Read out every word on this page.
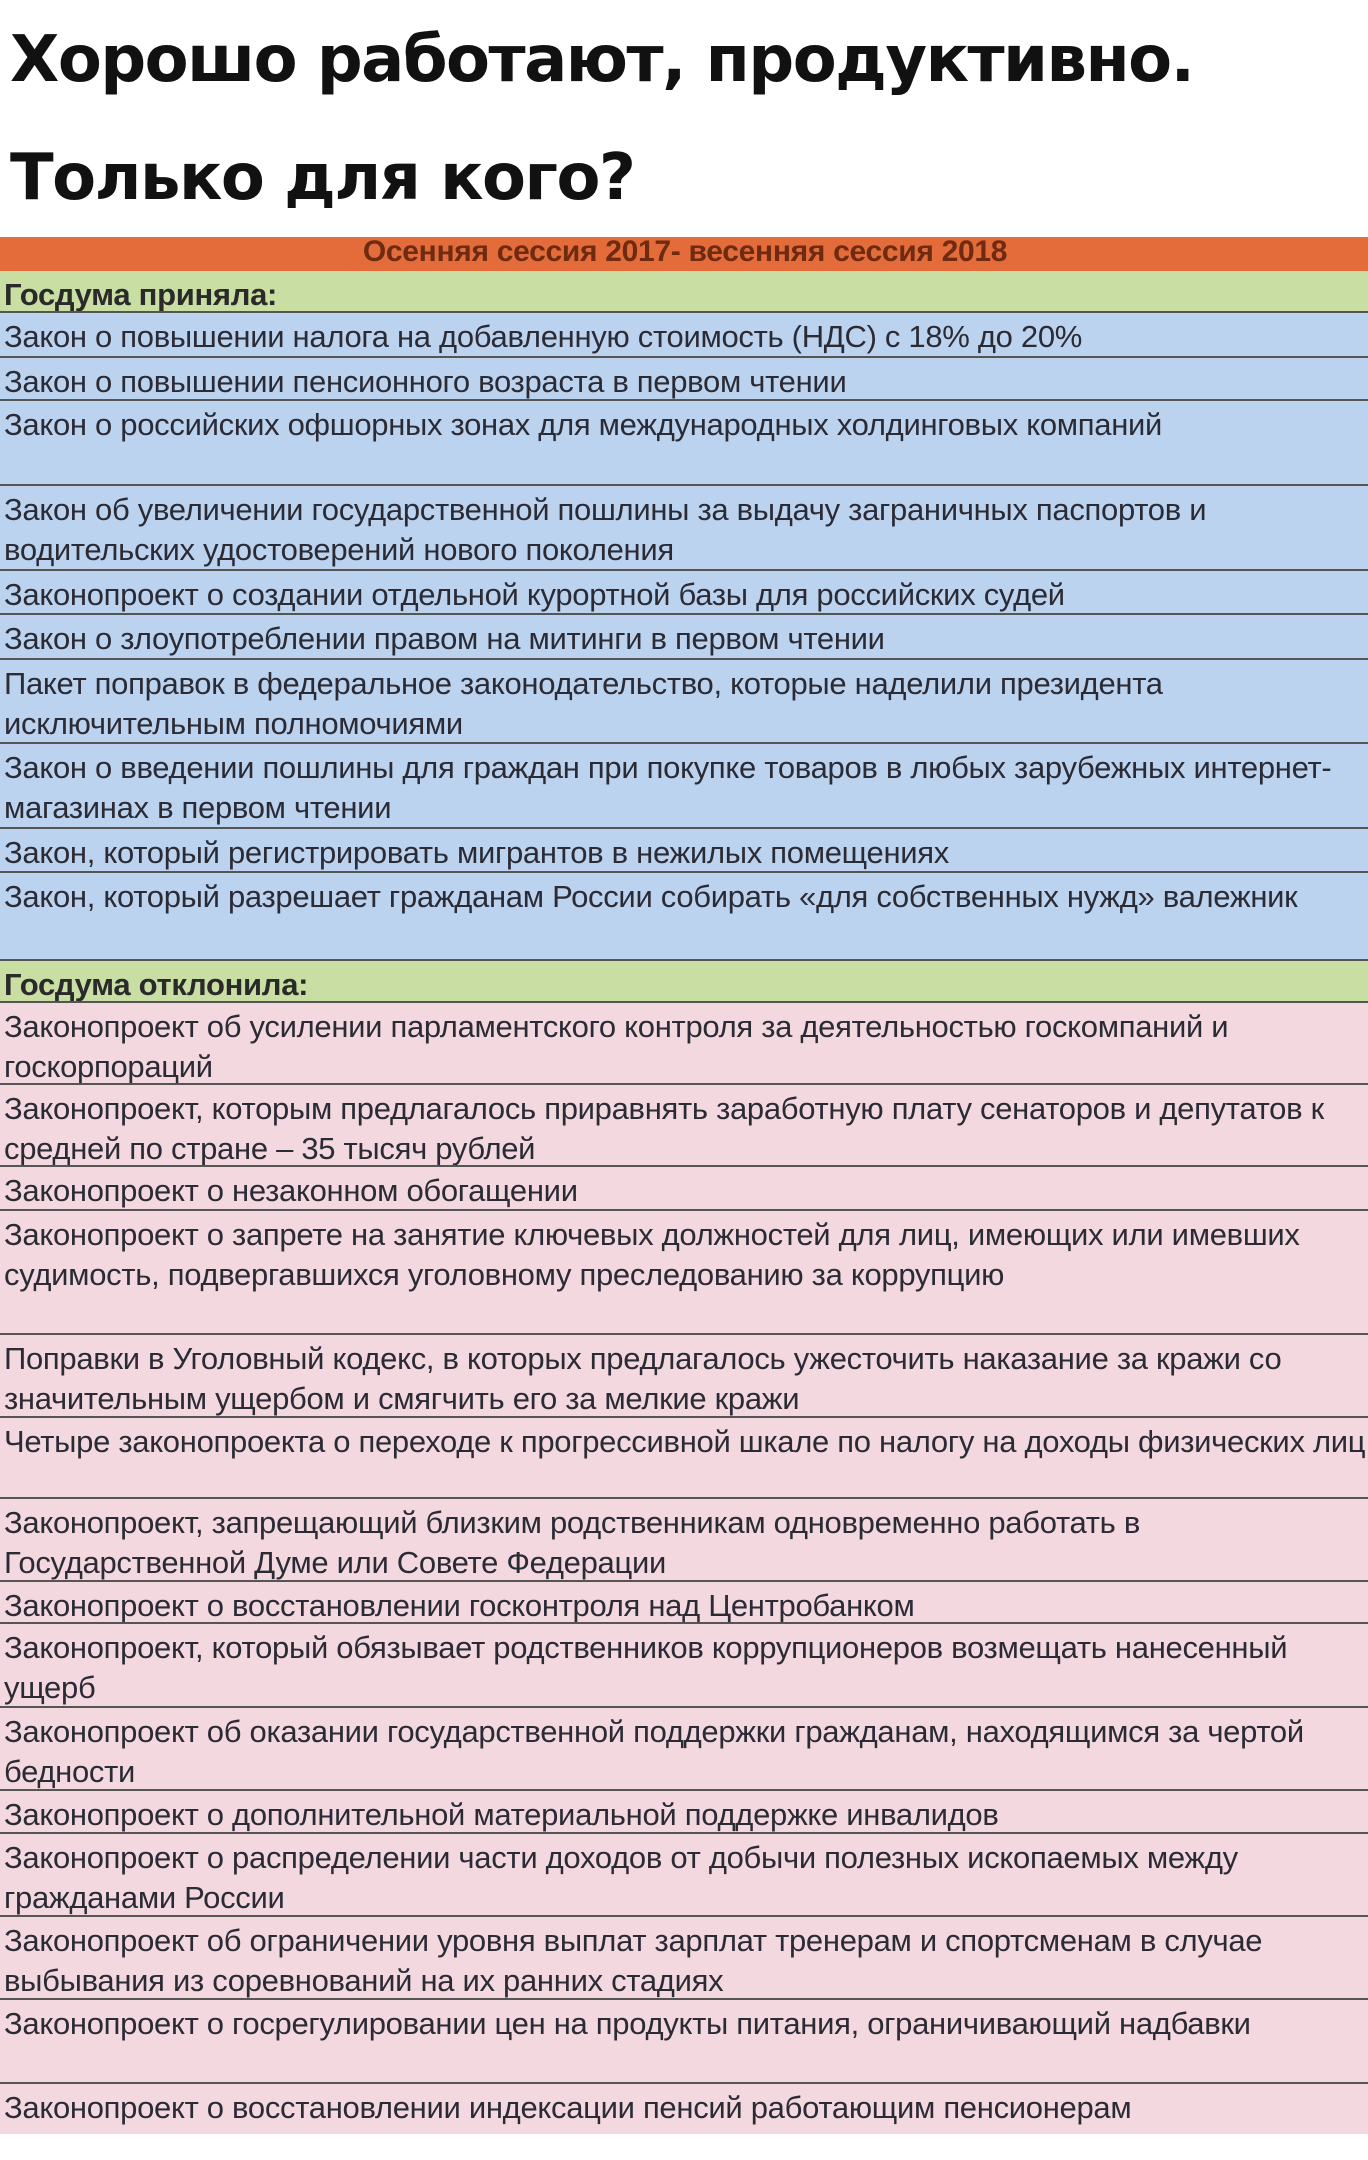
Хорошо работают, продуктивно.
Только для кого?
Осенняя сессия 2017- весенняя сессия 2018
Госдума приняла:
Закон о повышении налога на добавленную стоимость (НДС) с 18% до 20%
Закон о повышении пенсионного возраста в первом чтении
Закон о российских офшорных зонах для международных холдинговых компаний
Закон об увеличении государственной пошлины за выдачу заграничных паспортов и водительских удостоверений нового поколения
Законопроект о создании отдельной курортной базы для российских судей
Закон о злоупотреблении правом на митинги в первом чтении
Пакет поправок в федеральное законодательство, которые наделили президента исключительным полномочиями
Закон о введении пошлины для граждан при покупке товаров в любых зарубежных интернет-магазинах в первом чтении
Закон, который регистрировать мигрантов в нежилых помещениях
Закон, который разрешает гражданам России собирать «для собственных нужд» валежник
Госдума отклонила:
Законопроект об усилении парламентского контроля за деятельностью госкомпаний и госкорпораций
Законопроект, которым предлагалось приравнять заработную плату сенаторов и депутатов к средней по стране – 35 тысяч рублей
Законопроект о незаконном обогащении
Законопроект о запрете на занятие ключевых должностей для лиц, имеющих или имевших судимость, подвергавшихся уголовному преследованию за коррупцию
Поправки в Уголовный кодекс, в которых предлагалось ужесточить наказание за кражи со значительным ущербом и смягчить его за мелкие кражи
Четыре законопроекта о переходе к прогрессивной шкале по налогу на доходы физических лиц
Законопроект, запрещающий близким родственникам одновременно работать в Государственной Думе или Совете Федерации
Законопроект о восстановлении госконтроля над Центробанком
Законопроект, который обязывает родственников коррупционеров возмещать нанесенный ущерб
Законопроект об оказании государственной поддержки гражданам, находящимся за чертой бедности
Законопроект о дополнительной материальной поддержке инвалидов
Законопроект о распределении части доходов от добычи полезных ископаемых между гражданами России
Законопроект об ограничении уровня выплат зарплат тренерам и спортсменам в случае выбывания из соревнований на их ранних стадиях
Законопроект о госрегулировании цен на продукты питания, ограничивающий надбавки
Законопроект о восстановлении индексации пенсий работающим пенсионерам
